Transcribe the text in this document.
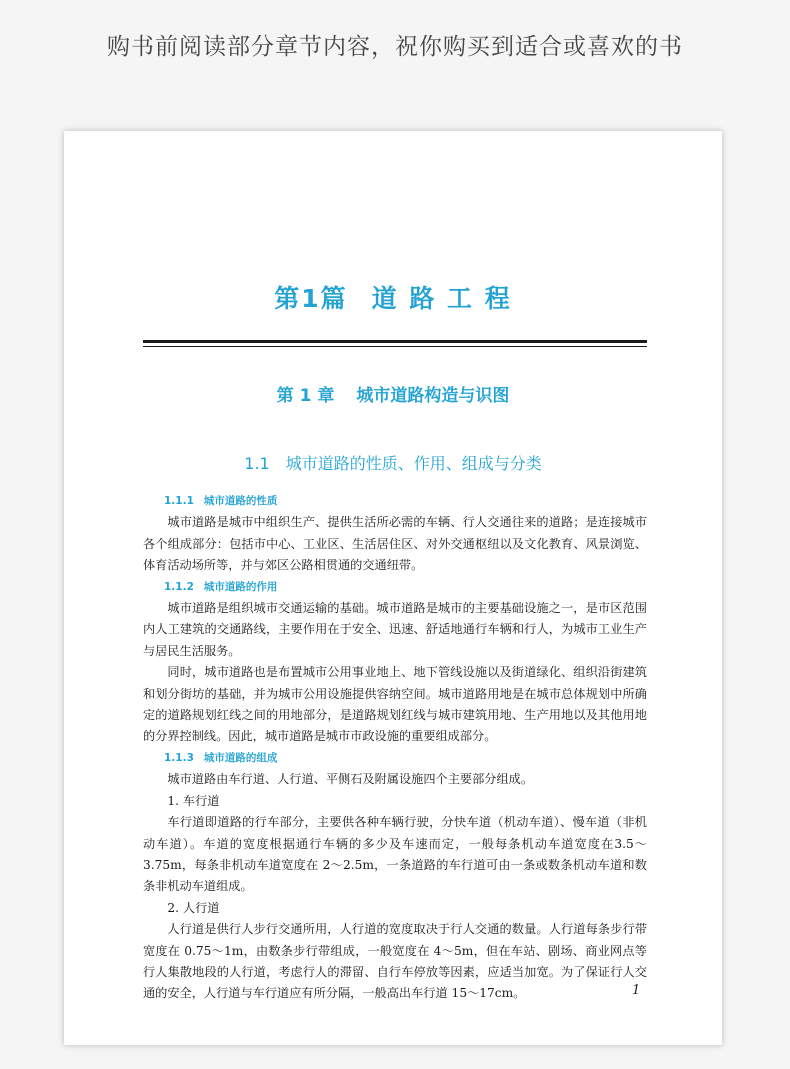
购书前阅读部分章节内容，祝你购买到适合或喜欢的书
第1篇 道 路 工 程
第 1 章 城市道路构造与识图
1.1 城市道路的性质、作用、组成与分类
1.1.1 城市道路的性质

城市道路是城市中组织生产、提供生活所必需的车辆、行人交通往来的道路；是连接城市各个组成部分：包括市中心、工业区、生活居住区、对外交通枢纽以及文化教育、风景浏览、体育活动场所等，并与郊区公路相贯通的交通纽带。

1.1.2 城市道路的作用

城市道路是组织城市交通运输的基础。城市道路是城市的主要基础设施之一，是市区范围内人工建筑的交通路线，主要作用在于安全、迅速、舒适地通行车辆和行人，为城市工业生产与居民生活服务。

同时，城市道路也是布置城市公用事业地上、地下管线设施以及街道绿化、组织沿街建筑和划分街坊的基础，并为城市公用设施提供容纳空间。城市道路用地是在城市总体规划中所确定的道路规划红线之间的用地部分，是道路规划红线与城市建筑用地、生产用地以及其他用地的分界控制线。因此，城市道路是城市市政设施的重要组成部分。

1.1.3 城市道路的组成

城市道路由车行道、人行道、平侧石及附属设施四个主要部分组成。

1. 车行道

车行道即道路的行车部分，主要供各种车辆行驶，分快车道（机动车道）、慢车道（非机动车道）。车道的宽度根据通行车辆的多少及车速而定，一般每条机动车道宽度在3.5～3.75m，每条非机动车道宽度在 2～2.5m，一条道路的车行道可由一条或数条机动车道和数条非机动车道组成。

2. 人行道

人行道是供行人步行交通所用，人行道的宽度取决于行人交通的数量。人行道每条步行带宽度在 0.75～1m，由数条步行带组成，一般宽度在 4～5m，但在车站、剧场、商业网点等行人集散地段的人行道，考虑行人的滞留、自行车停放等因素，应适当加宽。为了保证行人交通的安全，人行道与车行道应有所分隔，一般高出车行道 15～17cm。	1
